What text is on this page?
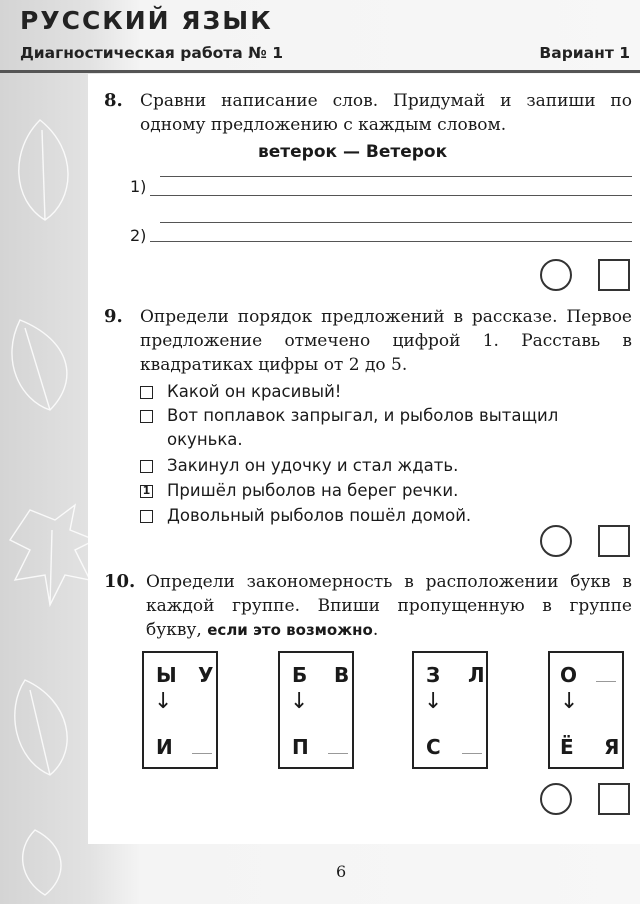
РУССКИЙ ЯЗЫК
Диагностическая работа № 1	Вариант 1
8. Сравни написание слов. Придумай и запиши по одному предложению с каждым словом.
ветерок — Ветерок
1)
2)
9. Определи порядок предложений в рассказе. Первое предложение отмечено цифрой 1. Расставь в квадратиках цифры от 2 до 5.
Какой он красивый!
Вот поплавок запрыгал, и рыболов вытащил окунька.
Закинул он удочку и стал ждать.
1 Пришёл рыболов на берег речки.
Довольный рыболов пошёл домой.
10. Определи закономерность в расположении букв в каждой группе. Впиши пропущенную в группе букву, если это возможно.
Ы У
↓
И
Б В
↓
П
З Л
↓
С
О
↓
Ё Я
6
